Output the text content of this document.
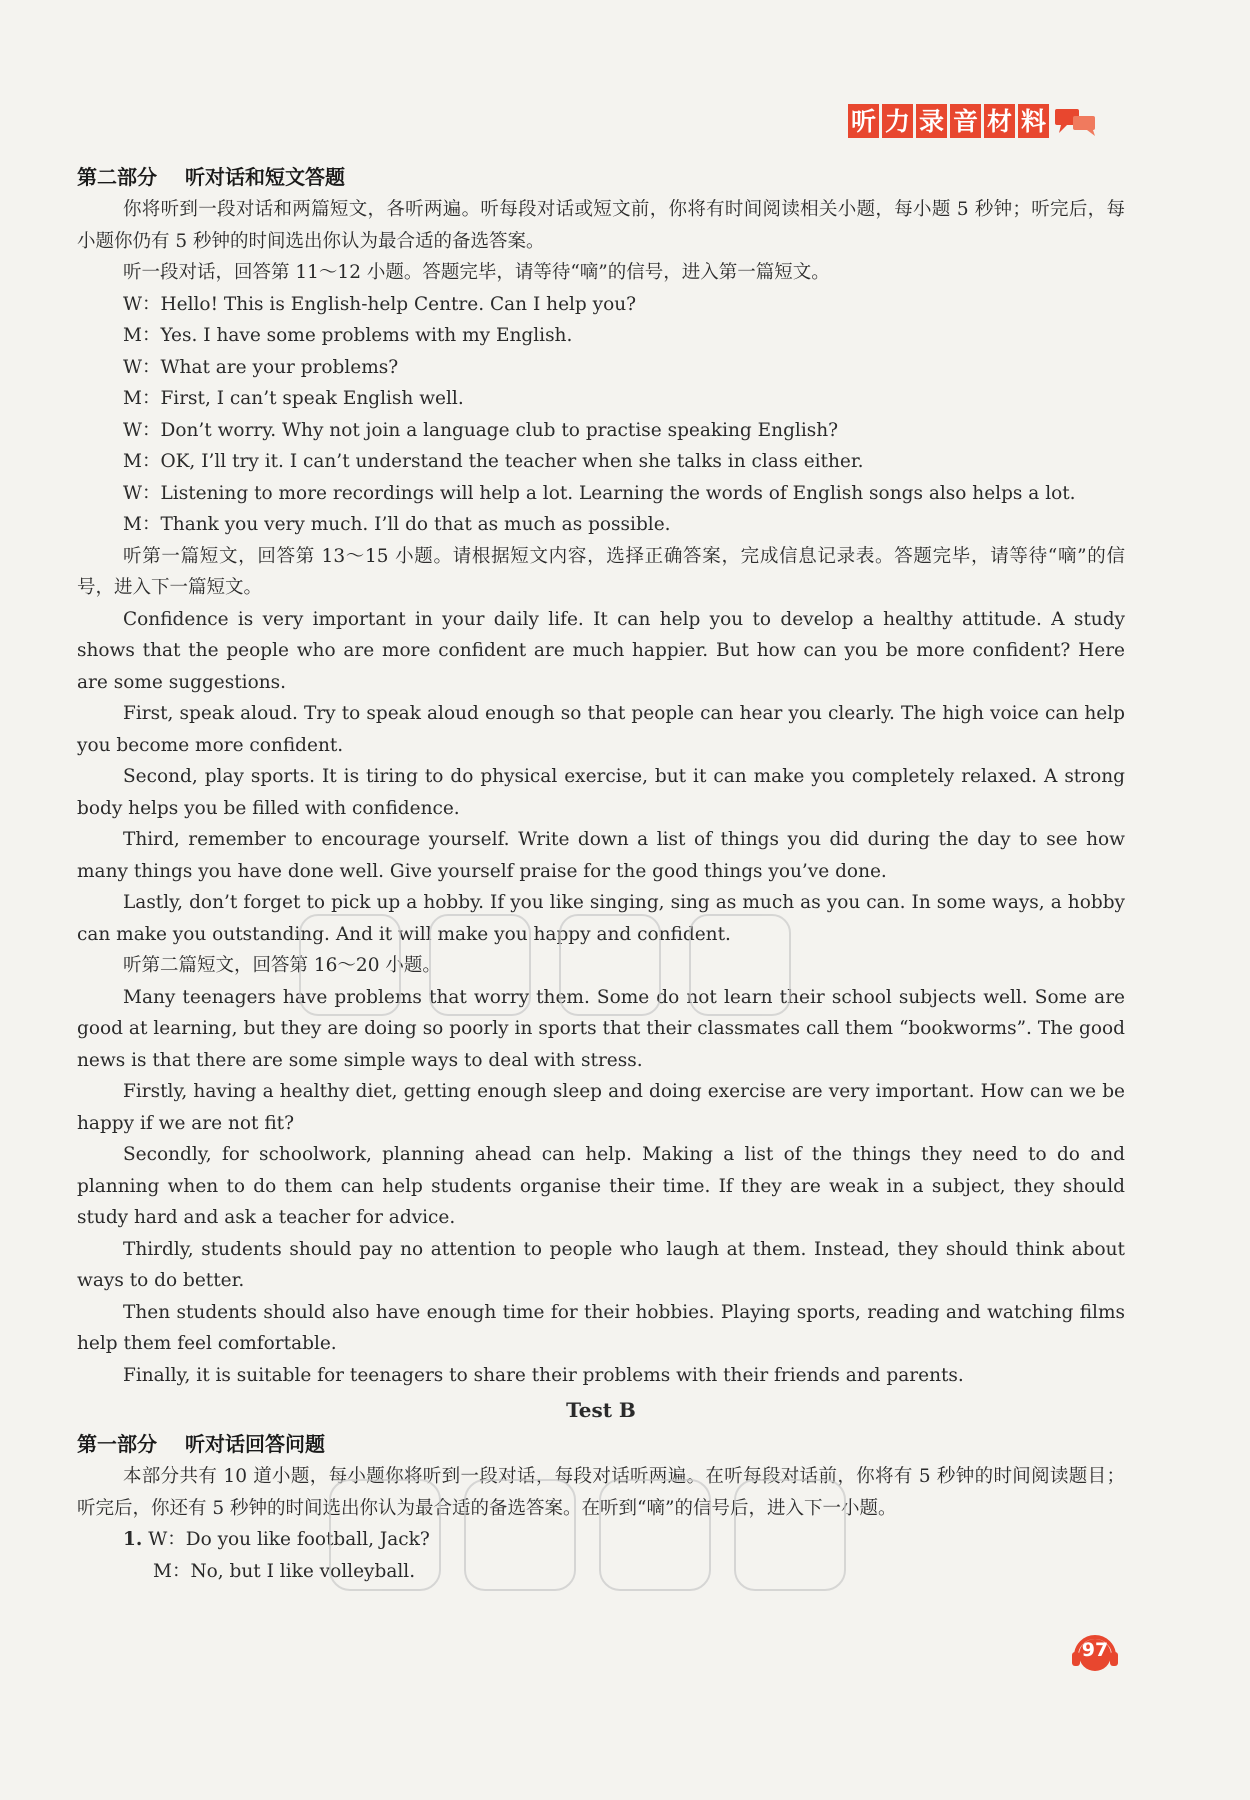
听 力 录 音 材 料
第二部分 听对话和短文答题

你将听到一段对话和两篇短文，各听两遍。听每段对话或短文前，你将有时间阅读相关小题，每小题 5 秒钟；听完后，每小题你仍有 5 秒钟的时间选出你认为最合适的备选答案。

听一段对话，回答第 11～12 小题。答题完毕，请等待“嘀”的信号，进入第一篇短文。

W：Hello! This is English-help Centre. Can I help you?

M：Yes. I have some problems with my English.

W：What are your problems?

M：First, I can’t speak English well.

W：Don’t worry. Why not join a language club to practise speaking English?

M：OK, I’ll try it. I can’t understand the teacher when she talks in class either.

W：Listening to more recordings will help a lot. Learning the words of English songs also helps a lot.

M：Thank you very much. I’ll do that as much as possible.

听第一篇短文，回答第 13～15 小题。请根据短文内容，选择正确答案，完成信息记录表。答题完毕，请等待“嘀”的信号，进入下一篇短文。

Confidence is very important in your daily life. It can help you to develop a healthy attitude. A study shows that the people who are more confident are much happier. But how can you be more confident? Here are some suggestions.

First, speak aloud. Try to speak aloud enough so that people can hear you clearly. The high voice can help you become more confident.

Second, play sports. It is tiring to do physical exercise, but it can make you completely relaxed. A strong body helps you be filled with confidence.

Third, remember to encourage yourself. Write down a list of things you did during the day to see how many things you have done well. Give yourself praise for the good things you’ve done.

Lastly, don’t forget to pick up a hobby. If you like singing, sing as much as you can. In some ways, a hobby can make you outstanding. And it will make you happy and confident.

听第二篇短文，回答第 16～20 小题。

Many teenagers have problems that worry them. Some do not learn their school subjects well. Some are good at learning, but they are doing so poorly in sports that their classmates call them “bookworms”. The good news is that there are some simple ways to deal with stress.

Firstly, having a healthy diet, getting enough sleep and doing exercise are very important. How can we be happy if we are not fit?

Secondly, for schoolwork, planning ahead can help. Making a list of the things they need to do and planning when to do them can help students organise their time. If they are weak in a subject, they should study hard and ask a teacher for advice.

Thirdly, students should pay no attention to people who laugh at them. Instead, they should think about ways to do better.

Then students should also have enough time for their hobbies. Playing sports, reading and watching films help them feel comfortable.

Finally, it is suitable for teenagers to share their problems with their friends and parents.

Test B
第一部分 听对话回答问题

本部分共有 10 道小题，每小题你将听到一段对话，每段对话听两遍。在听每段对话前，你将有 5 秒钟的时间阅读题目；听完后，你还有 5 秒钟的时间选出你认为最合适的备选答案。在听到“嘀”的信号后，进入下一小题。

1. W：Do you like football, Jack?

M：No, but I like volleyball.

97
